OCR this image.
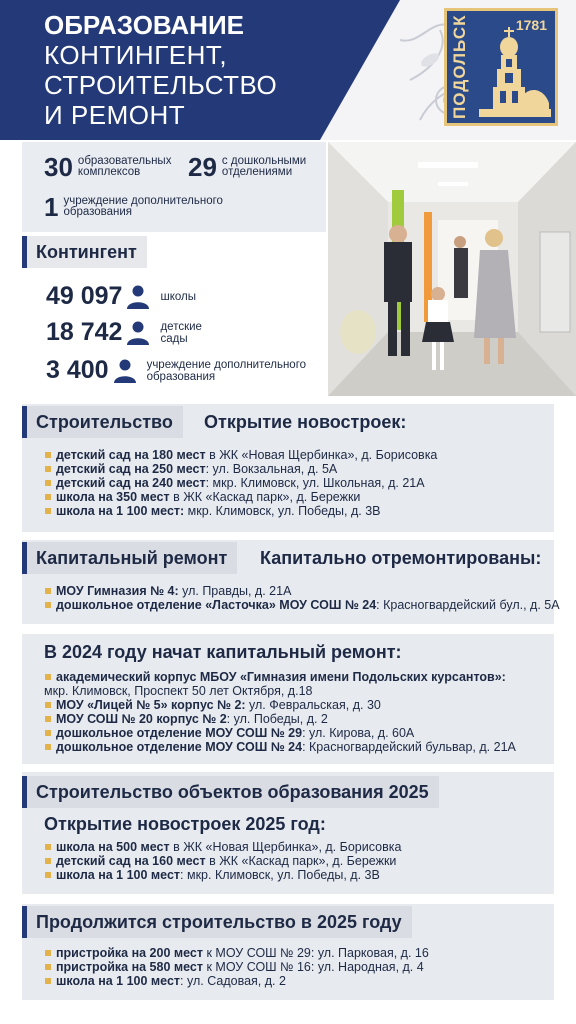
ОБРАЗОВАНИЕ
КОНТИНГЕНТ,
СТРОИТЕЛЬСТВО
И РЕМОНТ	ПОДОЛЬСК	1781
30 образовательных
комплексов	29 с дошкольными
отделениями
1 учреждение дополнительного
образования
Контингент
49 097	школы
18 742	детские
сады
3 400	учреждение дополнительного
образования
Строительство	Открытие новостроек:
детский сад на 180 мест в ЖК «Новая Щербинка», д. Борисовка
детский сад на 250 мест: ул. Вокзальная, д. 5А
детский сад на 240 мест: мкр. Климовск, ул. Школьная, д. 21А
школа на 350 мест в ЖК «Каскад парк», д. Бережки
школа на 1 100 мест: мкр. Климовск, ул. Победы, д. 3В
Капитальный ремонт	Капитально отремонтированы:
МОУ Гимназия № 4: ул. Правды, д. 21А
дошкольное отделение «Ласточка» МОУ СОШ № 24: Красногвардейский бул., д. 5А
В 2024 году начат капитальный ремонт:
академический корпус МБОУ «Гимназия имени Подольских курсантов»:
мкр. Климовск, Проспект 50 лет Октября, д.18
МОУ «Лицей № 5» корпус № 2: ул. Февральская, д. 30
МОУ СОШ № 20 корпус № 2: ул. Победы, д. 2
дошкольное отделение МОУ СОШ № 29: ул. Кирова, д. 60А
дошкольное отделение МОУ СОШ № 24: Красногвардейский бульвар, д. 21А
Строительство объектов образования 2025
Открытие новостроек 2025 год:
школа на 500 мест в ЖК «Новая Щербинка», д. Борисовка
детский сад на 160 мест в ЖК «Каскад парк», д. Бережки
школа на 1 100 мест: мкр. Климовск, ул. Победы, д. 3В
Продолжится строительство в 2025 году
пристройка на 200 мест к МОУ СОШ № 29: ул. Парковая, д. 16
пристройка на 580 мест к МОУ СОШ № 16: ул. Народная, д. 4
школа на 1 100 мест: ул. Садовая, д. 2
